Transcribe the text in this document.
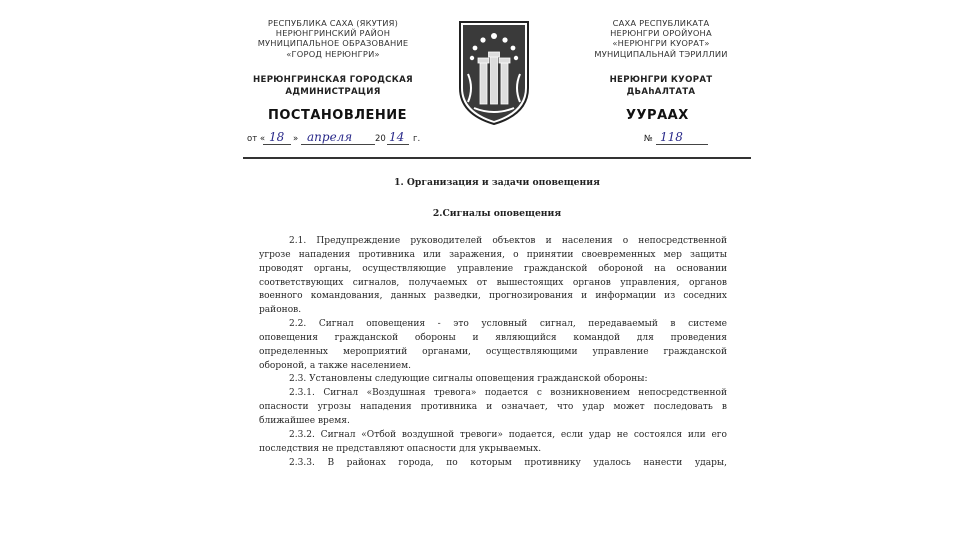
РЕСПУБЛИКА САХА (ЯКУТИЯ)
НЕРЮНГРИНСКИЙ РАЙОН
МУНИЦИПАЛЬНОЕ ОБРАЗОВАНИЕ
«ГОРОД НЕРЮНГРИ»
САХА РЕСПУБЛИКАТА
НЕРЮНГРИ ОРОЙУОНА
«НЕРЮНГРИ КУОРАТ»
МУНИЦИПАЛЬНАЙ ТЭРИЛЛИИ
НЕРЮНГРИНСКАЯ ГОРОДСКАЯ
АДМИНИСТРАЦИЯ
НЕРЮНГРИ КУОРАТ
ДЬАһАЛТАТА
ПОСТАНОВЛЕНИЕ	УУРААХ
от « 18 » апреля	20 14 г.	№ 118
1. Организация и задачи оповещения
2.Сигналы оповещения
2.1. Предупреждение руководителей объектов и населения о непосредственной
угрозе нападения противника или заражения, о принятии своевременных мер защиты
проводят органы, осуществляющие управление гражданской обороной на основании
соответствующих сигналов, получаемых от вышестоящих органов управления, органов
военного командования, данных разведки, прогнозирования и информации из соседних
районов.
2.2. Сигнал оповещения - это условный сигнал, передаваемый в системе
оповещения гражданской обороны и являющийся командой для проведения
определенных мероприятий органами, осуществляющими управление гражданской
обороной, а также населением.
2.3. Установлены следующие сигналы оповещения гражданской обороны:
2.3.1. Сигнал «Воздушная тревога» подается с возникновением непосредственной
опасности угрозы нападения противника и означает, что удар может последовать в
ближайшее время.
2.3.2. Сигнал «Отбой воздушной тревоги» подается, если удар не состоялся или его
последствия не представляют опасности для укрываемых.
2.3.3. В районах города, по которым противнику удалось нанести удары,
